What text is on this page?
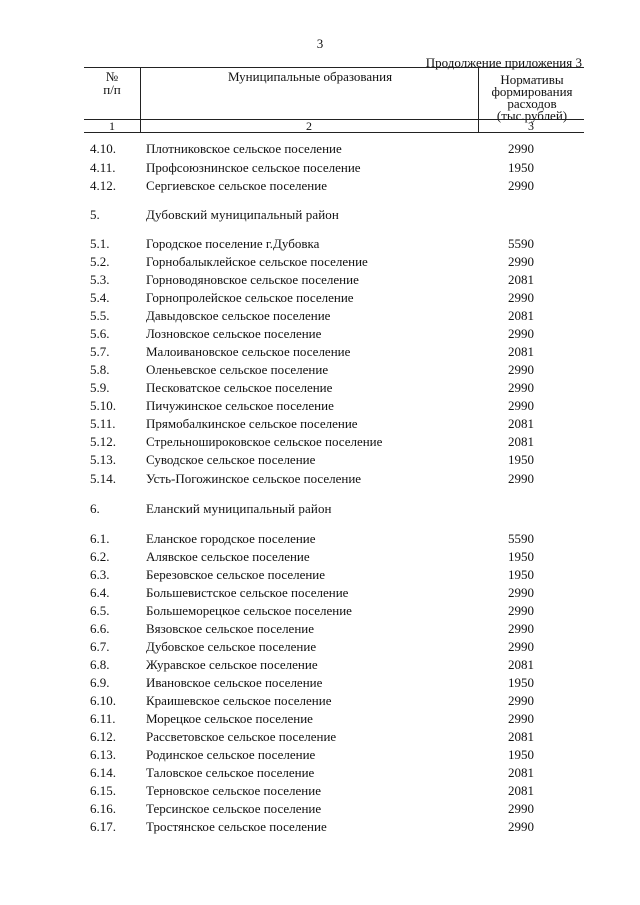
3
Продолжение приложения 3
№
п/п
Муниципальные образования	Нормативы
формирования
расходов
(тыс.рублей)
1	2	3
4.10.	Плотниковское сельское поселение	2990
4.11.	Профсоюзнинское сельское поселение	1950
4.12.	Сергиевское сельское поселение	2990
5.	Дубовский муниципальный район
5.1.	Городское поселение г.Дубовка	5590
5.2.	Горнобалыклейское сельское поселение	2990
5.3.	Горноводяновское сельское поселение	2081
5.4.	Горнопролейское сельское поселение	2990
5.5.	Давыдовское сельское поселение	2081
5.6.	Лозновское сельское поселение	2990
5.7.	Малоивановское сельское поселение	2081
5.8.	Оленьевское сельское поселение	2990
5.9.	Песковатское сельское поселение	2990
5.10.	Пичужинское сельское поселение	2990
5.11.	Прямобалкинское сельское поселение	2081
5.12.	Стрельношироковское сельское поселение	2081
5.13.	Суводское сельское поселение	1950
5.14.	Усть-Погожинское сельское поселение	2990
6.	Еланский муниципальный район
6.1.	Еланское городское поселение	5590
6.2.	Алявское сельское поселение	1950
6.3.	Березовское сельское поселение	1950
6.4.	Большевистское сельское поселение	2990
6.5.	Большеморецкое сельское поселение	2990
6.6.	Вязовское сельское поселение	2990
6.7.	Дубовское сельское поселение	2990
6.8.	Журавское сельское поселение	2081
6.9.	Ивановское сельское поселение	1950
6.10.	Краишевское сельское поселение	2990
6.11.	Морецкое сельское поселение	2990
6.12.	Рассветовское сельское поселение	2081
6.13.	Родинское сельское поселение	1950
6.14.	Таловское сельское поселение	2081
6.15.	Терновское сельское поселение	2081
6.16.	Терсинское сельское поселение	2990
6.17.	Тростянское сельское поселение	2990
